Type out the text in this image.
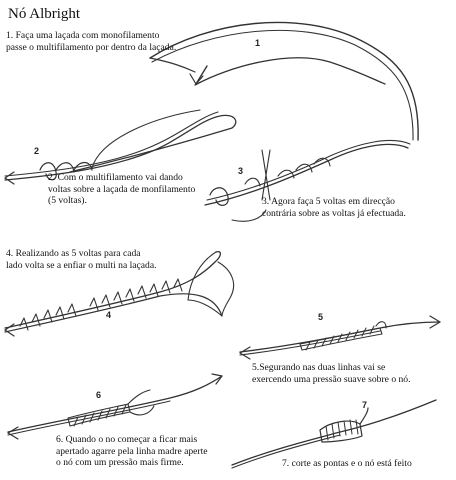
Nó Albright
1
2
3
4	5
6
7
1. Faça uma laçada com monofilamento
passe o multifilamento por dentro da laçada.
2. Com o multifilamento vai dando
voltas sobre a laçada de monfilamento
(5 voltas).	3. Agora faça 5 voltas em direcção
contrária sobre as voltas já efectuada.
4. Realizando as 5 voltas para cada
lado volta se a enfiar o multi na laçada.
5.Segurando nas duas linhas vai se
exercendo uma pressão suave sobre o nó.
6. Quando o no começar a ficar mais
apertado agarre pela linha madre aperte
o nó com um pressão mais firme.	7. corte as pontas e o nó está feito
